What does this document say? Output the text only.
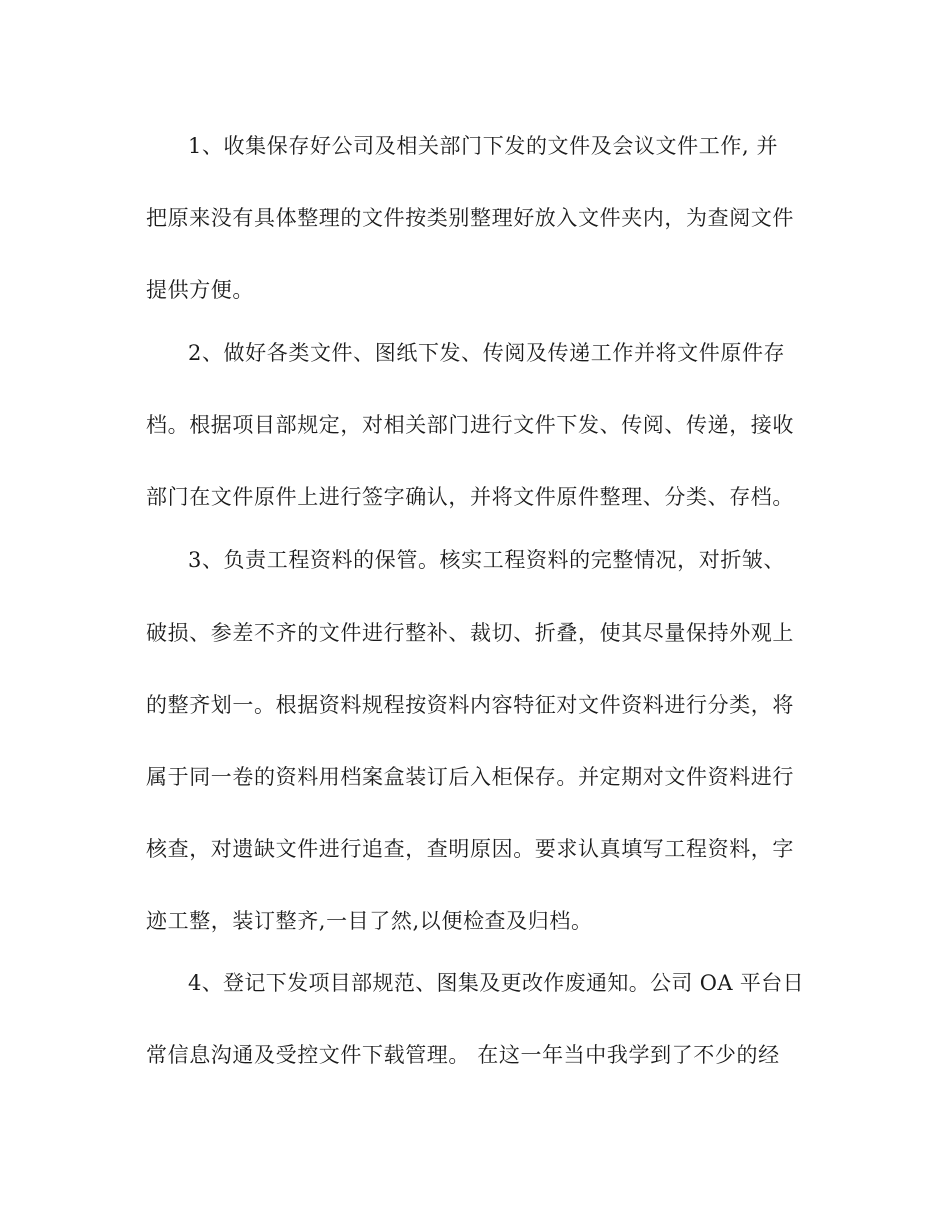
1、收集保存好公司及相关部门下发的文件及会议文件工作, 并
把原来没有具体整理的文件按类别整理好放入文件夹内，为查阅文件
提供方便。
2、做好各类文件、图纸下发、传阅及传递工作并将文件原件存
档。根据项目部规定，对相关部门进行文件下发、传阅、传递，接收
部门在文件原件上进行签字确认，并将文件原件整理、分类、存档。
3、负责工程资料的保管。核实工程资料的完整情况，对折皱、
破损、参差不齐的文件进行整补、裁切、折叠，使其尽量保持外观上
的整齐划一。根据资料规程按资料内容特征对文件资料进行分类，将
属于同一卷的资料用档案盒装订后入柜保存。并定期对文件资料进行
核查，对遗缺文件进行追查，查明原因。要求认真填写工程资料，字
迹工整，装订整齐,一目了然,以便检查及归档。
4、登记下发项目部规范、图集及更改作废通知。公司 OA 平台日
常信息沟通及受控文件下载管理。 在这一年当中我学到了不少的经
